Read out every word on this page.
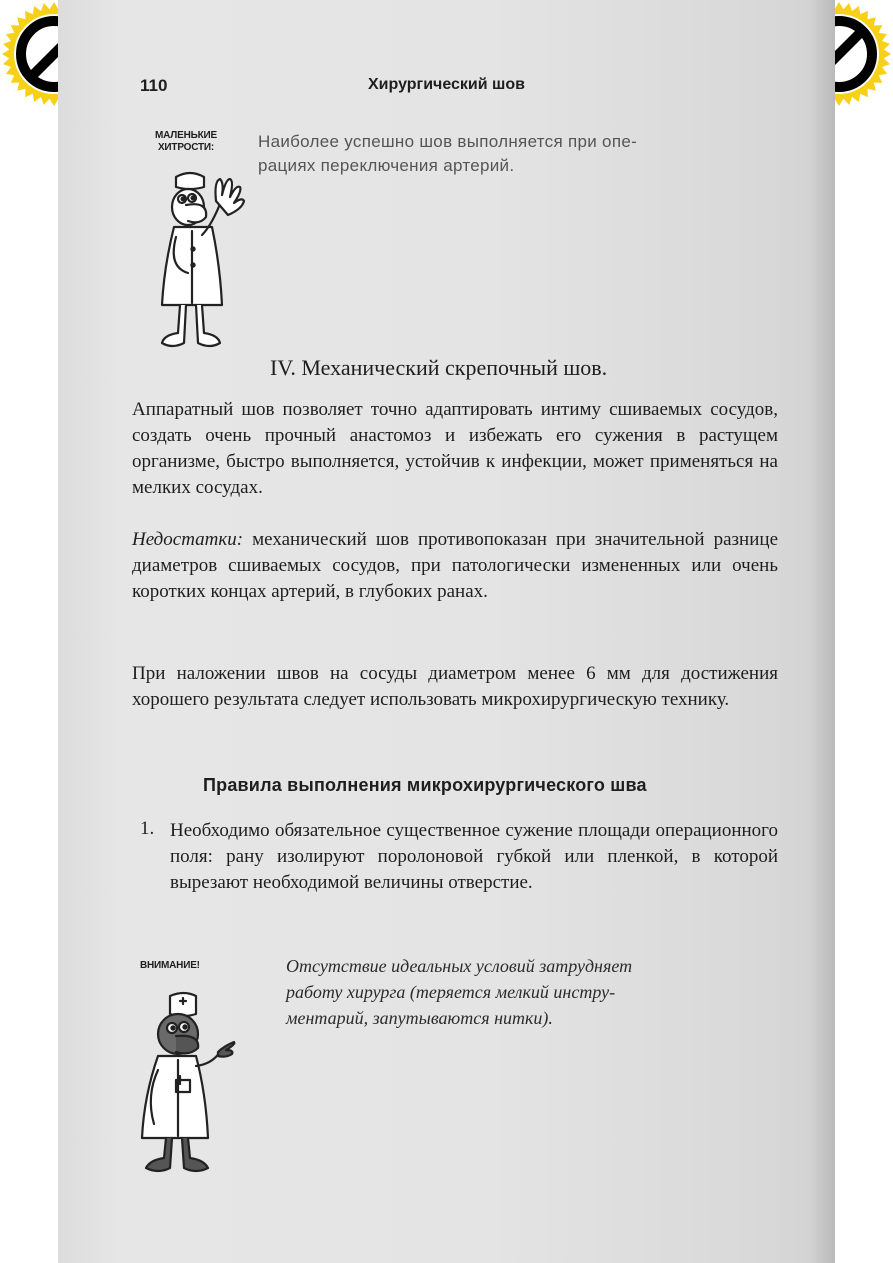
110	Хирургический шов
МАЛЕНЬКИЕ
ХИТРОСТИ:	Наиболее успешно шов выполняется при опе-
рациях переключения артерий.
IV. Механический скрепочный шов.

Аппаратный шов позволяет точно адаптировать интиму сшиваемых сосудов, создать очень прочный анастомоз и избежать его сужения в растущем организме, быстро выполняется, устойчив к инфекции, может применяться на мелких сосудах.

Недостатки: механический шов противопоказан при значительной разнице диаметров сшиваемых сосудов, при патологически измененных или очень коротких концах артерий, в глубоких ранах.

При наложении швов на сосуды диаметром менее 6 мм для достижения хорошего результата следует использовать микрохирургическую технику.

Правила выполнения микрохирургического шва
1. Необходимо обязательное существенное сужение площади операционного поля: рану изолируют поролоновой губкой или пленкой, в которой вырезают необходимой величины отверстие.

ВНИМАНИЕ!	Отсутствие идеальных условий затрудняет
работу хирурга (теряется мелкий инстру-
ментарий, запутываются нитки).
